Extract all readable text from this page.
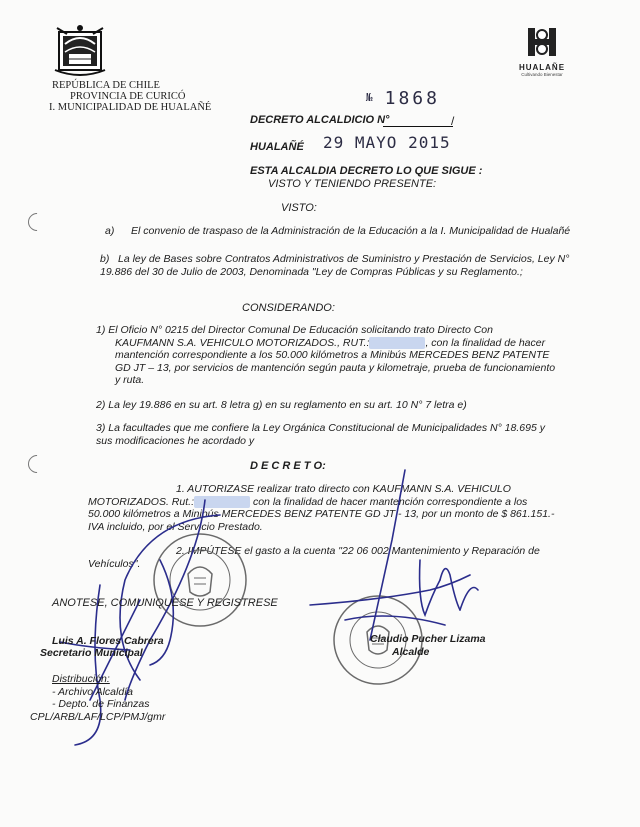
REPÚBLICA DE CHILE
PROVINCIA DE CURICÓ
I. MUNICIPALIDAD DE HUALAÑÉ
HUALAÑE
Cultivando Bienestar
DECRETO ALCALDICIO N°	/
№ 1868
HUALAÑÉ 29 MAYO 2015
ESTA ALCALDIA DECRETO LO QUE SIGUE :
VISTO Y TENIENDO PRESENTE:
VISTO:
a) El convenio de traspaso de la Administración de la Educación a la I. Municipalidad de Hualañé
b) La ley de Bases sobre Contratos Administrativos de Suministro y Prestación de Servicios, Ley N° 19.886 del 30 de Julio de 2003, Denominada "Ley de Compras Públicas y su Reglamento.;
CONSIDERANDO:
1) El Oficio N° 0215 del Director Comunal De Educación solicitando trato Directo Con
KAUFMANN S.A. VEHICULO MOTORIZADOS., RUT.:	, con la finalidad de hacer
mantención correspondiente a los 50.000 kilómetros a Minibús MERCEDES BENZ PATENTE
GD JT – 13, por servicios de mantención según pauta y kilometraje, prueba de funcionamiento
y ruta.
2) La ley 19.886 en su art. 8 letra g) en su reglamento en su art. 10 N° 7 letra e)
3) La facultades que me confiere la Ley Orgánica Constitucional de Municipalidades N° 18.695 y
sus modificaciones he acordado y
D E C R E T O:
1. AUTORIZASE realizar trato directo con KAUFMANN S.A. VEHICULO
MOTORIZADOS. Rut.:	con la finalidad de hacer mantención correspondiente a los
50.000 kilómetros a Minibús MERCEDES BENZ PATENTE GD JT - 13, por un monto de $ 861.151.-
IVA incluido, por el Servicio Prestado.
2. IMPÚTESE el gasto a la cuenta "22 06 002 Mantenimiento y Reparación de
Vehículos".
ANOTESE, COMUNIQUESE Y REGISTRESE
Luis A. Flores Cabrera
Secretario Municipal
Claudio Pucher Lizama
Alcalde
Distribución:
- Archivo Alcaldía
- Depto. de Finanzas
CPL/ARB/LAF/LCP/PMJ/gmr
